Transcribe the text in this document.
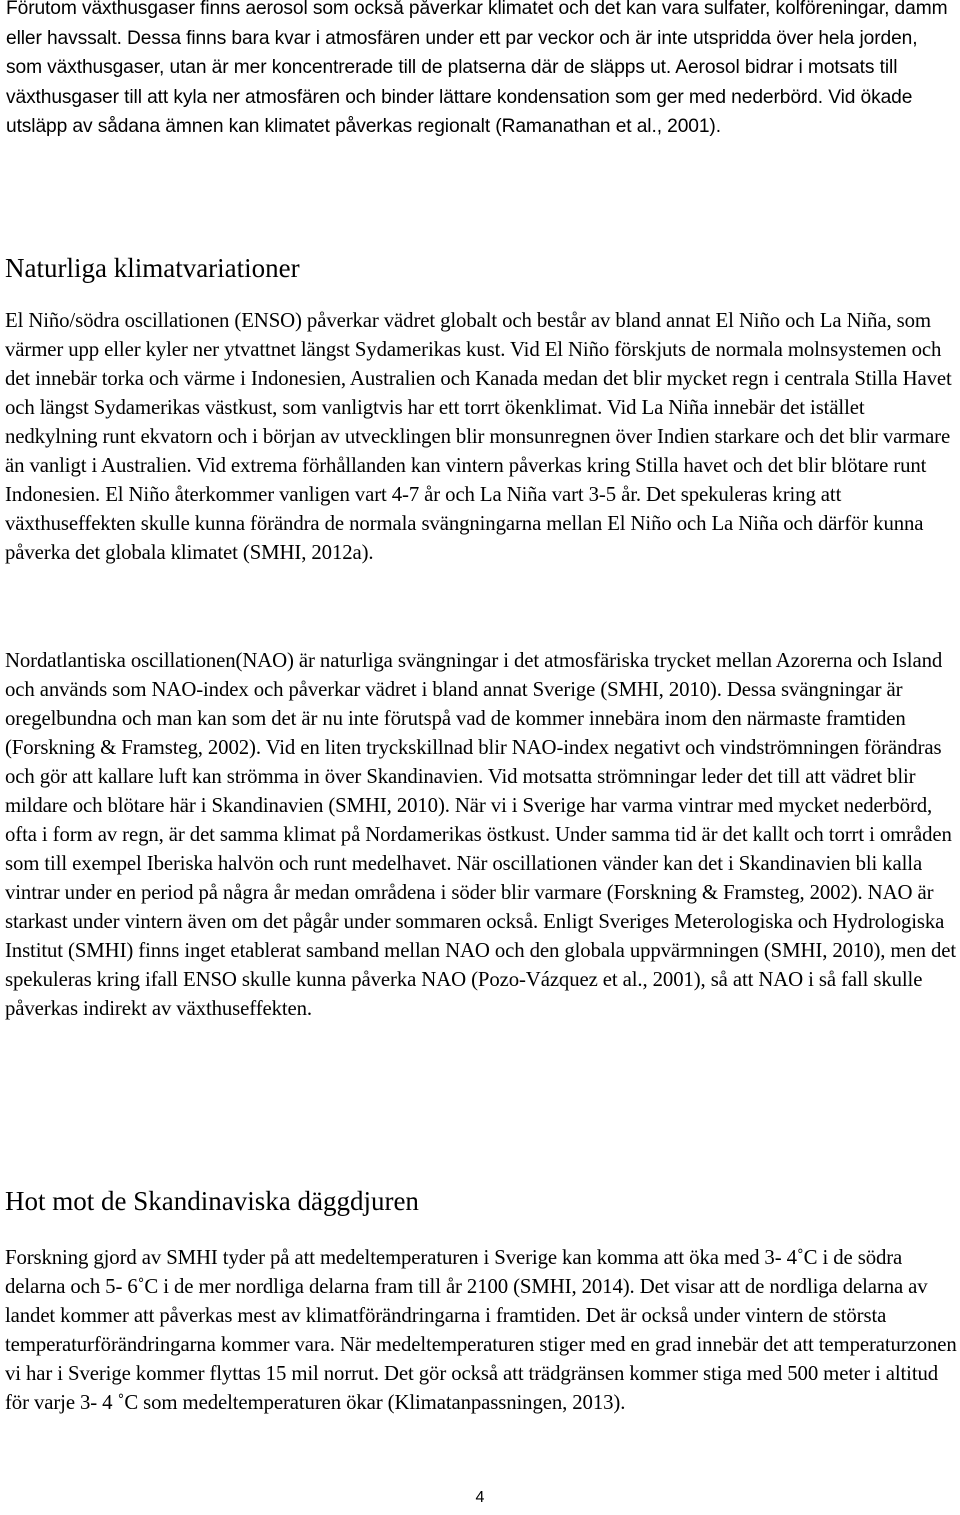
Förutom växthusgaser finns aerosol som också påverkar klimatet och det kan vara sulfater, kolföreningar, damm eller havssalt. Dessa finns bara kvar i atmosfären under ett par veckor och är inte utspridda över hela jorden, som växthusgaser, utan är mer koncentrerade till de platserna där de släpps ut. Aerosol bidrar i motsats till växthusgaser till att kyla ner atmosfären och binder lättare kondensation som ger med nederbörd. Vid ökade utsläpp av sådana ämnen kan klimatet påverkas regionalt (Ramanathan et al., 2001).

Naturliga klimatvariationer

El Niño/södra oscillationen (ENSO) påverkar vädret globalt och består av bland annat El Niño och La Niña, som värmer upp eller kyler ner ytvattnet längst Sydamerikas kust. Vid El Niño förskjuts de normala molnsystemen och det innebär torka och värme i Indonesien, Australien och Kanada medan det blir mycket regn i centrala Stilla Havet och längst Sydamerikas västkust, som vanligtvis har ett torrt ökenklimat. Vid La Niña innebär det istället nedkylning runt ekvatorn och i början av utvecklingen blir monsunregnen över Indien starkare och det blir varmare än vanligt i Australien. Vid extrema förhållanden kan vintern påverkas kring Stilla havet och det blir blötare runt Indonesien. El Niño återkommer vanligen vart 4-7 år och La Niña vart 3-5 år. Det spekuleras kring att växthuseffekten skulle kunna förändra de normala svängningarna mellan El Niño och La Niña och därför kunna påverka det globala klimatet (SMHI, 2012a).

Nordatlantiska oscillationen(NAO) är naturliga svängningar i det atmosfäriska trycket mellan Azorerna och Island och används som NAO-index och påverkar vädret i bland annat Sverige (SMHI, 2010). Dessa svängningar är oregelbundna och man kan som det är nu inte förutspå vad de kommer innebära inom den närmaste framtiden (Forskning & Framsteg, 2002). Vid en liten tryckskillnad blir NAO-index negativt och vindströmningen förändras och gör att kallare luft kan strömma in över Skandinavien. Vid motsatta strömningar leder det till att vädret blir mildare och blötare här i Skandinavien (SMHI, 2010). När vi i Sverige har varma vintrar med mycket nederbörd, ofta i form av regn, är det samma klimat på Nordamerikas östkust. Under samma tid är det kallt och torrt i områden som till exempel Iberiska halvön och runt medelhavet. När oscillationen vänder kan det i Skandinavien bli kalla vintrar under en period på några år medan områdena i söder blir varmare (Forskning & Framsteg, 2002). NAO är starkast under vintern även om det pågår under sommaren också. Enligt Sveriges Meterologiska och Hydrologiska Institut (SMHI) finns inget etablerat samband mellan NAO och den globala uppvärmningen (SMHI, 2010), men det spekuleras kring ifall ENSO skulle kunna påverka NAO (Pozo-Vázquez et al., 2001), så att NAO i så fall skulle påverkas indirekt av växthuseffekten.

Hot mot de Skandinaviska däggdjuren

Forskning gjord av SMHI tyder på att medeltemperaturen i Sverige kan komma att öka med 3- 4˚C i de södra delarna och 5- 6˚C i de mer nordliga delarna fram till år 2100 (SMHI, 2014). Det visar att de nordliga delarna av landet kommer att påverkas mest av klimatförändringarna i framtiden. Det är också under vintern de största temperaturförändringarna kommer vara. När medeltemperaturen stiger med en grad innebär det att temperaturzonen vi har i Sverige kommer flyttas 15 mil norrut. Det gör också att trädgränsen kommer stiga med 500 meter i altitud för varje 3- 4 ˚C som medeltemperaturen ökar (Klimatanpassningen, 2013).

4
